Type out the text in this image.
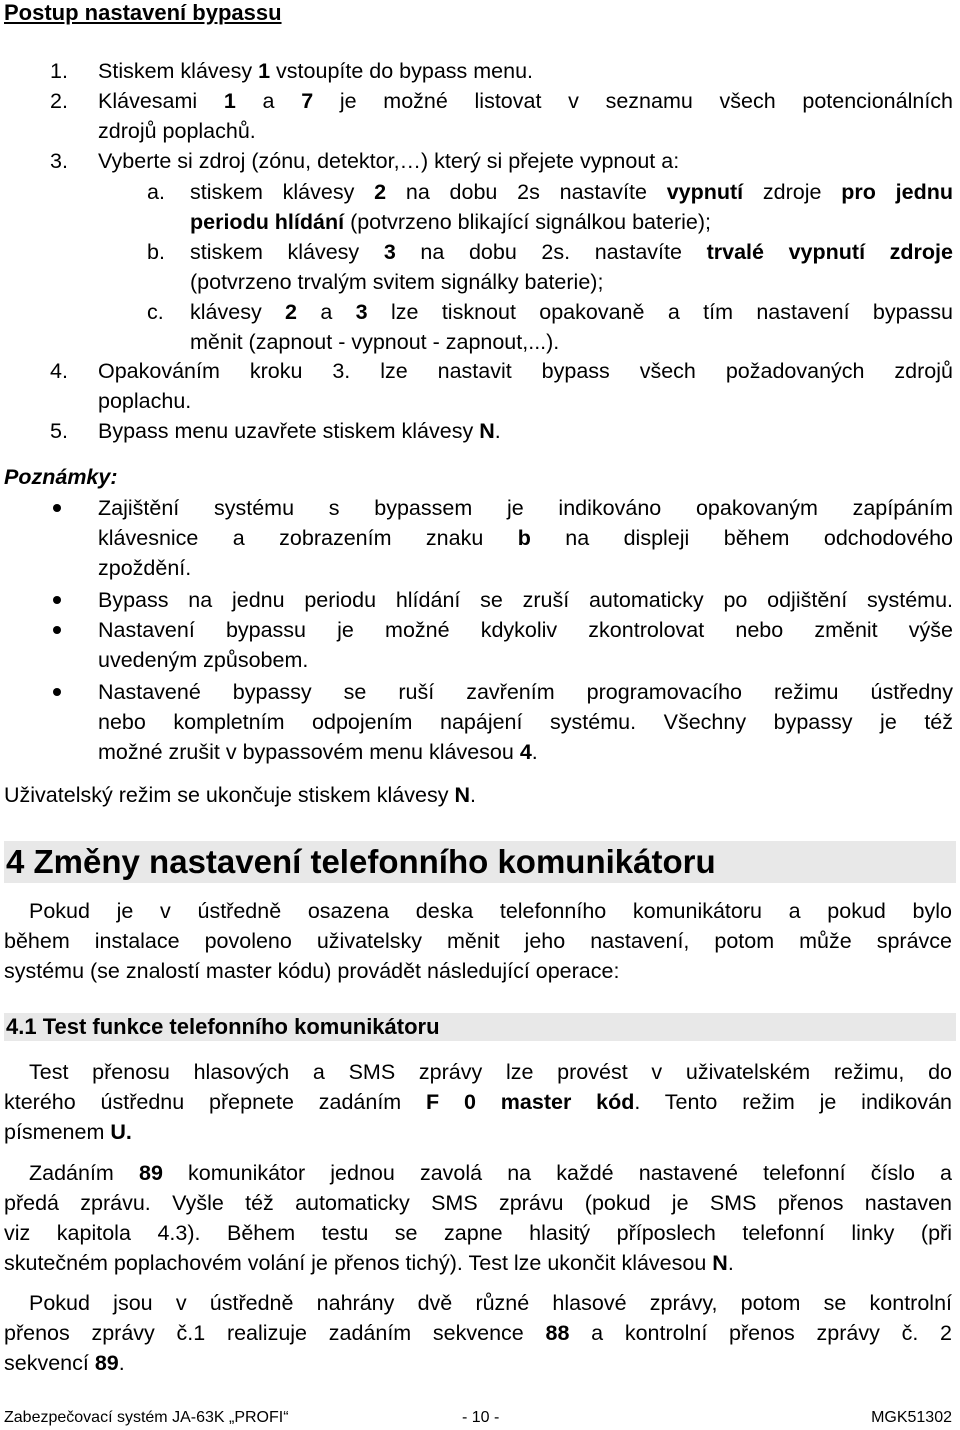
Postup nastavení bypassu
1. Stiskem klávesy 1 vstoupíte do bypass menu.
2. Klávesami 1 a 7 je možné listovat v seznamu všech potencionálních
zdrojů poplachů.
3. Vyberte si zdroj (zónu, detektor,…) který si přejete vypnout a:
4. Opakováním kroku 3. lze nastavit bypass všech požadovaných zdrojů
poplachu.
5. Bypass menu uzavřete stiskem klávesy N.
a. stiskem klávesy 2 na dobu 2s nastavíte vypnutí zdroje pro jednu
periodu hlídání (potvrzeno blikající signálkou baterie);
b. stiskem klávesy 3 na dobu 2s. nastavíte trvalé vypnutí zdroje
(potvrzeno trvalým svitem signálky baterie);
c. klávesy 2 a 3 lze tisknout opakovaně a tím nastavení bypassu
měnit (zapnout - vypnout - zapnout,...).
Zajištění systému s bypassem je indikováno opakovaným zapípáním
klávesnice a zobrazením znaku b na displeji během odchodového
zpoždění.
Bypass na jednu periodu hlídání se zruší automaticky po odjištění systému.
Nastavení bypassu je možné kdykoliv zkontrolovat nebo změnit výše
uvedeným způsobem.
Nastavené bypassy se ruší zavřením programovacího režimu ústředny
nebo kompletním odpojením napájení systému. Všechny bypassy je též
možné zrušit v bypassovém menu klávesou 4.
Poznámky:
Uživatelský režim se ukončuje stiskem klávesy N.
4 Změny nastavení telefonního komunikátoru
Pokud je v ústředně osazena deska telefonního komunikátoru a pokud bylo
během instalace povoleno uživatelsky měnit jeho nastavení, potom může správce
systému (se znalostí master kódu) provádět následující operace:
4.1 Test funkce telefonního komunikátoru
Test přenosu hlasových a SMS zprávy lze provést v uživatelském režimu, do
kterého ústřednu přepnete zadáním F 0 master kód. Tento režim je indikován
písmenem U.
Zadáním 89 komunikátor jednou zavolá na každé nastavené telefonní číslo a
předá zprávu. Vyšle též automaticky SMS zprávu (pokud je SMS přenos nastaven
viz kapitola 4.3). Během testu se zapne hlasitý příposlech telefonní linky (při
skutečném poplachovém volání je přenos tichý). Test lze ukončit klávesou N.
Pokud jsou v ústředně nahrány dvě různé hlasové zprávy, potom se kontrolní
přenos zprávy č.1 realizuje zadáním sekvence 88 a kontrolní přenos zprávy č. 2
sekvencí 89.
Zabezpečovací systém JA-63K „PROFI“	- 10 -	MGK51302
